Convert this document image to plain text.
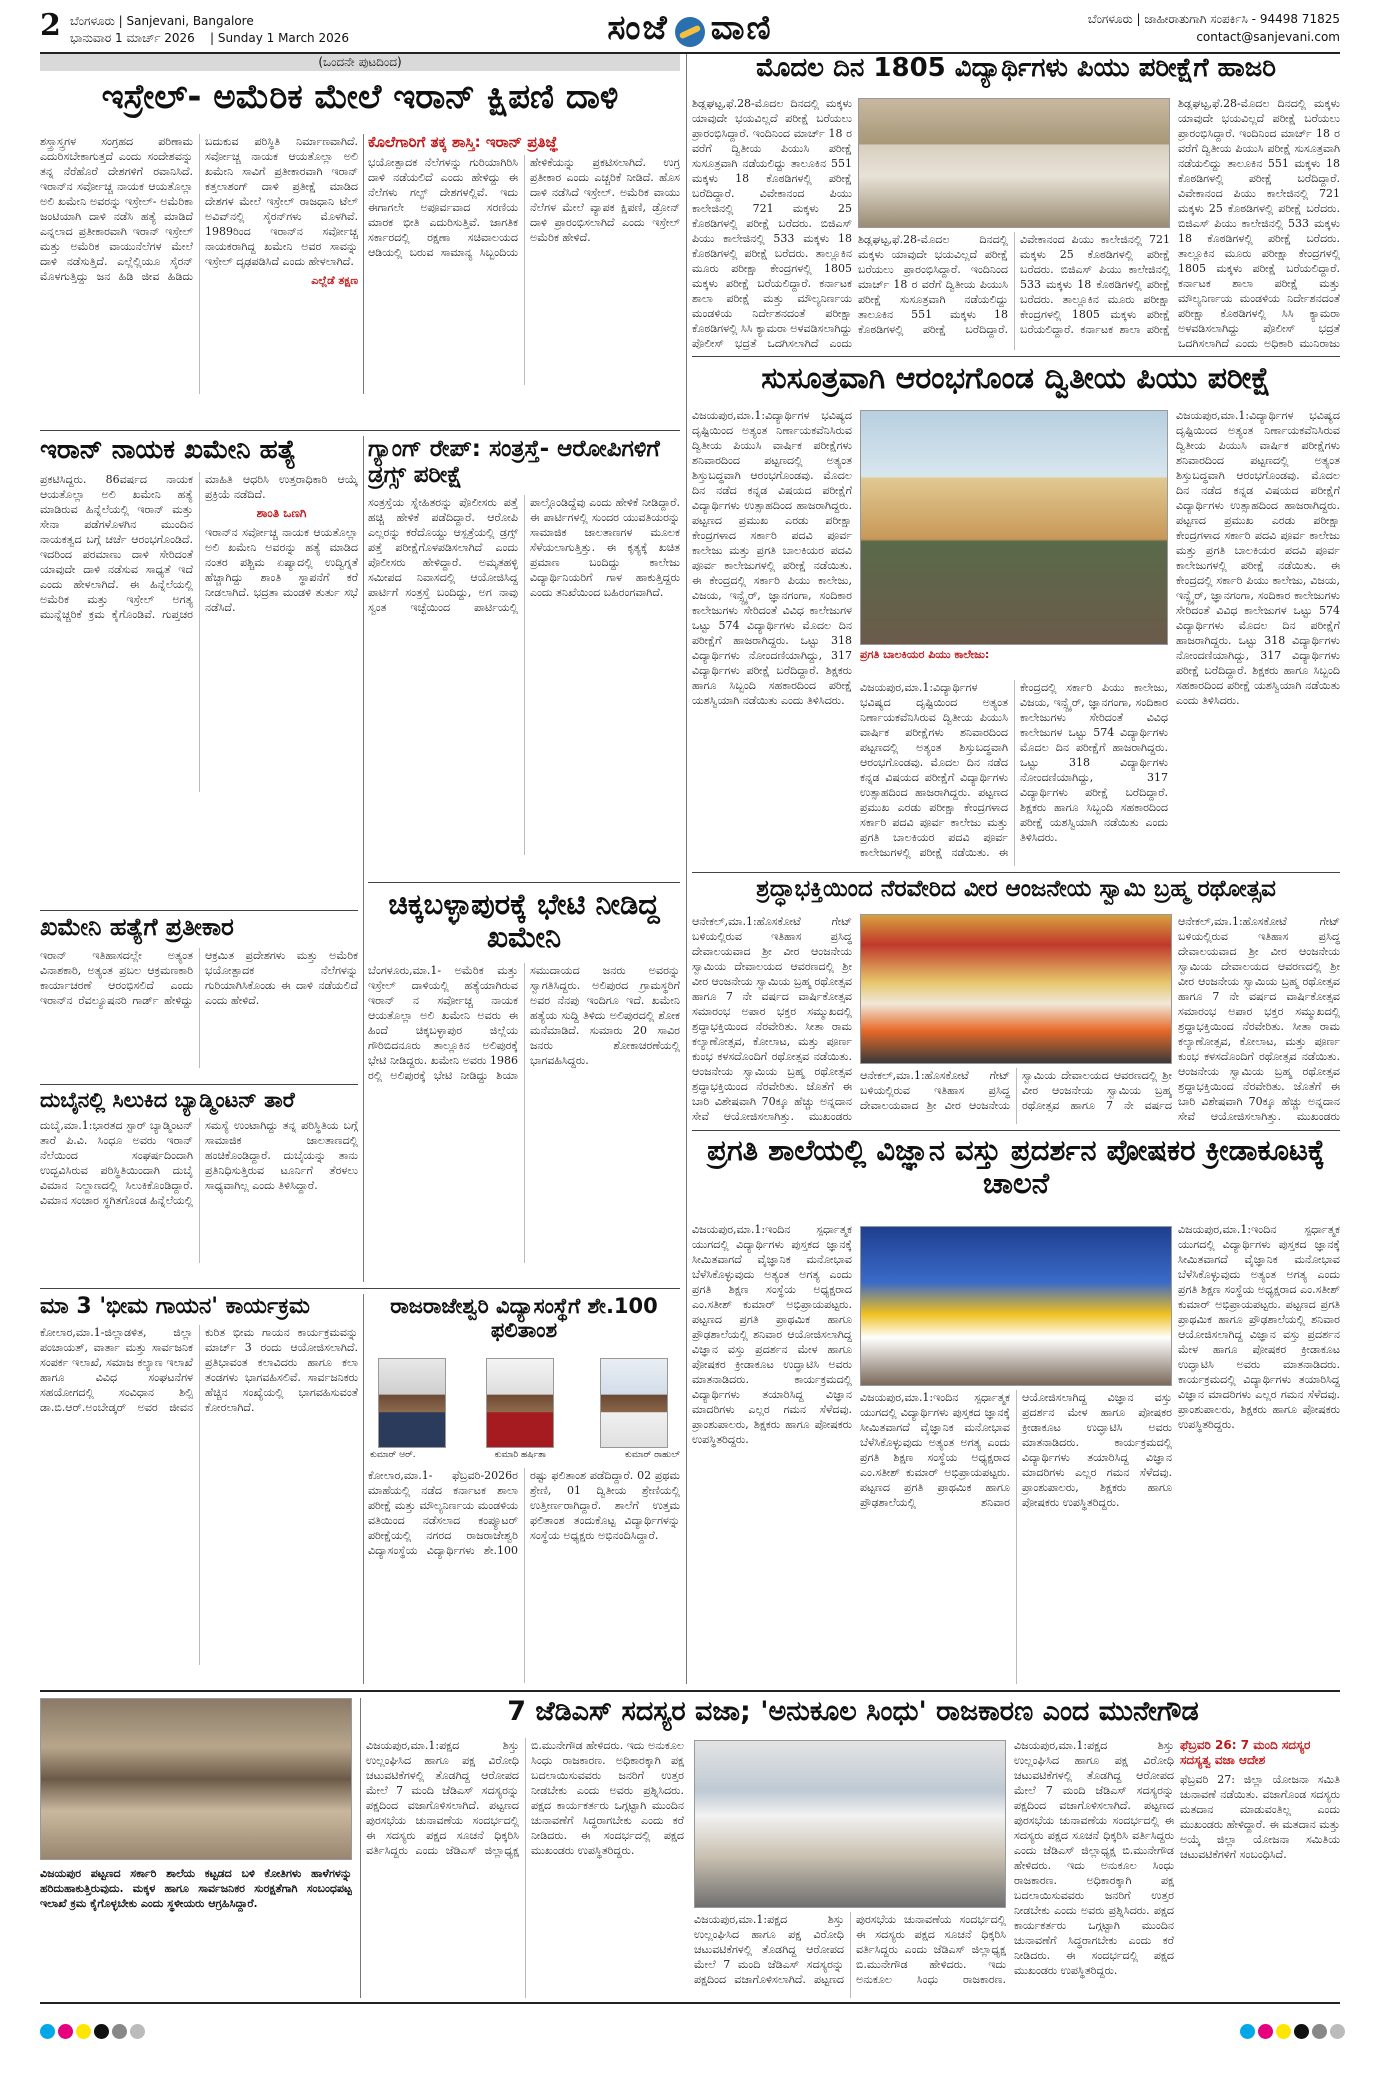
2 ಬೆಂಗಳೂರು | Sanjevani, Bangalore
ಭಾನುವಾರ 1 ಮಾರ್ಚ್ 2026    | Sunday 1 March 2026	ಸಂಜೆ ವಾಣಿ	ಬೆಂಗಳೂರು | ಜಾಹೀರಾತುಗಾಗಿ ಸಂಪರ್ಕಿಸಿ - 94498 71825
contact@sanjevani.com
(ಒಂದನೇ ಪುಟದಿಂದ)
ಇಸ್ರೇಲ್- ಅಮೆರಿಕ ಮೇಲೆ ಇರಾನ್ ಕ್ಷಿಪಣಿ ದಾಳಿ
ಶಸ್ತ್ರಾಸ್ತ್ರಗಳ ಸಂಗ್ರಹದ ಪರಿಣಾಮ ಎದುರಿಸಬೇಕಾಗುತ್ತದೆ ಎಂದು ಸಂದೇಶವನ್ನು ತನ್ನ ನೆರೆಹೊರೆ ದೇಶಗಳಿಗೆ ರವಾನಿಸಿದೆ. ಇರಾನ್‌ನ ಸರ್ವೋಚ್ಚ ನಾಯಕ ಆಯತೊಲ್ಲಾ ಅಲಿ ಖಮೇನಿ ಅವರನ್ನು ಇಸ್ರೇಲ್- ಅಮೆರಿಕಾ ಜಂಟಿಯಾಗಿ ದಾಳಿ ನಡೆಸಿ ಹತ್ಯೆ ಮಾಡಿದೆ ಎನ್ನಲಾದ ಪ್ರತೀಕಾರವಾಗಿ ಇರಾನ್ ಇಸ್ರೇಲ್ ಮತ್ತು ಅಮೆರಿಕ ವಾಯುನೆಲೆಗಳ ಮೇಲೆ ದಾಳಿ ನಡೆಸುತ್ತಿದೆ. ಎಲ್ಲೆಲ್ಲಿಯೂ ಸೈರನ್ ಮೊಳಗುತ್ತಿದ್ದು ಜನ ಹಿಡಿ ಜೀವ ಹಿಡಿದು ಬದುಕುವ ಪರಿಸ್ಥಿತಿ ನಿರ್ಮಾಣವಾಗಿದೆ. ಸರ್ವೋಚ್ಚ ನಾಯಕ ಆಯತೊಲ್ಲಾ ಅಲಿ ಖಮೇನಿ ಸಾವಿಗೆ ಪ್ರತೀಕಾರವಾಗಿ ಇರಾನ್ ಕತ್ತಲಾಶಂಗ್ ದಾಳಿ ಪ್ರತೀಕ್ಷೆ ಮಾಡಿದ ದೇಶಗಳ ಮೇಲೆ ಇಸ್ರೇಲ್ ರಾಜಧಾನಿ ಟೆಲ್ ಅವಿವ್‌ನಲ್ಲಿ ಸೈರನ್‌ಗಳು ಮೊಳಗಿವೆ. 1989ರಿಂದ ಇರಾನ್‌ನ ಸರ್ವೋಚ್ಚ ನಾಯಕರಾಗಿದ್ದ ಖಮೇನಿ ಅವರ ಸಾವನ್ನು ಇಸ್ರೇಲ್ ದೃಢಪಡಿಸಿದೆ ಎಂದು ಹೇಳಲಾಗಿದೆ.
ಎಲ್ಲೆಡೆ ತಕ್ಷಣ
ಕೊಲೆಗಾರಿಗೆ ತಕ್ಕ ಶಾಸ್ತಿ: ಇರಾನ್ ಪ್ರತಿಜ್ಞೆ
ಭಯೋತ್ಪಾದಕ ನೆಲೆಗಳನ್ನು ಗುರಿಯಾಗಿರಿಸಿ ದಾಳಿ ನಡೆಯಲಿದೆ ಎಂದು ಹೇಳಿದ್ದು ಈ ನೆಲೆಗಳು ಗಲ್ಫ್ ದೇಶಗಳಲ್ಲಿವೆ. ಇದು ಈಗಾಗಲೇ ಅಪೂರ್ವವಾದ ಸರಣಿಯ ಮಾರಕ ಭೀತಿ ಎದುರಿಸುತ್ತಿವೆ. ಜಾಗತಿಕ ಸರ್ಕಾರದಲ್ಲಿ ರಕ್ಷಣಾ ಸಚಿವಾಲಯದ ಆಡಿಯಲ್ಲಿ ಬರುವ ಸಾಮಾನ್ಯ ಸಿಬ್ಬಂದಿಯ ಹೇಳಿಕೆಯನ್ನು ಪ್ರಕಟಿಸಲಾಗಿದೆ. ಉಗ್ರ ಪ್ರತೀಕಾರ ಎಂದು ಎಚ್ಚರಿಕೆ ನೀಡಿದೆ. ಹೊಸ ದಾಳಿ ನಡೆಸಿದೆ ಇಸ್ರೇಲ್. ಅಮೆರಿಕ ವಾಯು ನೆಲೆಗಳ ಮೇಲೆ ವ್ಯಾಪಕ ಕ್ಷಿಪಣಿ, ಡ್ರೋನ್ ದಾಳಿ ಪ್ರಾರಂಭಿಸಲಾಗಿದೆ ಎಂದು ಇಸ್ರೇಲ್ ಅಮೆರಿಕ ಹೇಳಿದೆ.
ಇರಾನ್ ನಾಯಕ ಖಮೇನಿ ಹತ್ಯೆ
ಪ್ರಕಟಿಸಿದ್ದರು. 86ವರ್ಷದ ನಾಯಕ ಆಯತೊಲ್ಲಾ ಅಲಿ ಖಮೇನಿ ಹತ್ಯೆ ಮಾಡಿರುವ ಹಿನ್ನೆಲೆಯಲ್ಲಿ ಇರಾನ್ ಮತ್ತು ಸೇನಾ ಪಡೆಗಳೊಳಗಿನ ಮುಂದಿನ ನಾಯಕತ್ವದ ಬಗ್ಗೆ ಚರ್ಚೆ ಆರಂಭಗೊಂಡಿದೆ. ಇದರಿಂದ ಪರಮಾಣು ದಾಳಿ ಸೇರಿದಂತೆ ಯಾವುದೇ ದಾಳಿ ನಡೆಸುವ ಸಾಧ್ಯತೆ ಇದೆ ಎಂದು ಹೇಳಲಾಗಿದೆ. ಈ ಹಿನ್ನೆಲೆಯಲ್ಲಿ ಅಮೆರಿಕ ಮತ್ತು ಇಸ್ರೇಲ್ ಅಗತ್ಯ ಮುನ್ನೆಚ್ಚರಿಕೆ ಕ್ರಮ ಕೈಗೊಂಡಿವೆ. ಗುಪ್ತಚರ ಮಾಹಿತಿ ಆಧರಿಸಿ ಉತ್ತರಾಧಿಕಾರಿ ಆಯ್ಕೆ ಪ್ರಕ್ರಿಯೆ ನಡೆದಿದೆ.
ಶಾಂತಿ ಒಣಗಿ
ಇರಾನ್‌ನ ಸರ್ವೋಚ್ಚ ನಾಯಕ ಆಯತೊಲ್ಲಾ ಅಲಿ ಖಮೇನಿ ಅವರನ್ನು ಹತ್ಯೆ ಮಾಡಿದ ನಂತರ ಪಶ್ಚಿಮ ಏಷ್ಯಾದಲ್ಲಿ ಉದ್ವಿಗ್ನತೆ ಹೆಚ್ಚಾಗಿದ್ದು ಶಾಂತಿ ಸ್ಥಾಪನೆಗೆ ಕರೆ ನೀಡಲಾಗಿದೆ. ಭದ್ರತಾ ಮಂಡಳಿ ತುರ್ತು ಸಭೆ ನಡೆಸಿದೆ.
ಖಮೇನಿ ಹತ್ಯೆಗೆ ಪ್ರತೀಕಾರ
ಇರಾನ್ ಇತಿಹಾಸದಲ್ಲೇ ಅತ್ಯಂತ ವಿನಾಶಕಾರಿ, ಅತ್ಯಂತ ಪ್ರಬಲ ಆಕ್ರಮಣಕಾರಿ ಕಾರ್ಯಾಚರಣೆ ಆರಂಭಿಸಲಿದೆ ಎಂದು ಇರಾನ್‌ನ ರೆವಲ್ಯೂಷನರಿ ಗಾರ್ಡ್ ಹೇಳಿದ್ದು ಆಕ್ರಮಿತ ಪ್ರದೇಶಗಳು ಮತ್ತು ಅಮೆರಿಕ ಭಯೋತ್ಪಾದಕ ನೆಲೆಗಳನ್ನು ಗುರಿಯಾಗಿಸಿಕೊಂಡು ಈ ದಾಳಿ ನಡೆಯಲಿದೆ ಎಂದು ಹೇಳಿದೆ.
ದುಬೈನಲ್ಲಿ ಸಿಲುಕಿದ ಬ್ಯಾಡ್ಮಿಂಟನ್ ತಾರೆ
ದುಬೈ,ಮಾ.1:ಭಾರತದ ಸ್ಟಾರ್ ಬ್ಯಾಡ್ಮಿಂಟನ್ ತಾರೆ ಪಿ.ವಿ. ಸಿಂಧೂ ಅವರು ಇರಾನ್ ನೆಲೆಯಿಂದ ಸಂಘರ್ಷದಿಂದಾಗಿ ಉದ್ಭವಿಸಿರುವ ಪರಿಸ್ಥಿತಿಯಿಂದಾಗಿ ದುಬೈ ವಿಮಾನ ನಿಲ್ದಾಣದಲ್ಲಿ ಸಿಲುಕಿಕೊಂಡಿದ್ದಾರೆ. ವಿಮಾನ ಸಂಚಾರ ಸ್ಥಗಿತಗೊಂಡ ಹಿನ್ನೆಲೆಯಲ್ಲಿ ಸಮಸ್ಯೆ ಉಂಟಾಗಿದ್ದು ತನ್ನ ಪರಿಸ್ಥಿತಿಯ ಬಗ್ಗೆ ಸಾಮಾಜಿಕ ಜಾಲತಾಣದಲ್ಲಿ ಹಂಚಿಕೊಂಡಿದ್ದಾರೆ. ದುಬೈಯನ್ನು ತಾನು ಪ್ರತಿನಿಧಿಸುತ್ತಿರುವ ಟೂರ್ನಿಗೆ ತೆರಳಲು ಸಾಧ್ಯವಾಗಿಲ್ಲ ಎಂದು ತಿಳಿಸಿದ್ದಾರೆ.
ಗ್ಯಾಂಗ್ ರೇಪ್: ಸಂತ್ರಸ್ತೆ- ಆರೋಪಿಗಳಿಗೆ ಡ್ರಗ್ಸ್ ಪರೀಕ್ಷೆ
ಸಂತ್ರಸ್ತೆಯ ಸ್ನೇಹಿತರನ್ನು ಪೊಲೀಸರು ಪತ್ತೆ ಹಚ್ಚಿ ಹೇಳಿಕೆ ಪಡೆದಿದ್ದಾರೆ. ಆರೋಪಿ ಎಲ್ಲರನ್ನು ಕರೆದೊಯ್ದು ಆಸ್ಪತ್ರೆಯಲ್ಲಿ ಡ್ರಗ್ಸ್ ಪತ್ತೆ ಪರೀಕ್ಷೆಗೊಳಪಡಿಸಲಾಗಿದೆ ಎಂದು ಪೊಲೀಸರು ಹೇಳಿದ್ದಾರೆ. ಅಮೃತಹಳ್ಳಿ ಸಮೀಪದ ನಿವಾಸದಲ್ಲಿ ಆಯೋಜಿಸಿದ್ದ ಪಾರ್ಟಿಗೆ ಸಂತ್ರಸ್ತೆ ಬಂದಿದ್ದು, ಅಗ ನಾವು ಸ್ವಂತ ಇಚ್ಛೆಯಿಂದ ಪಾರ್ಟಿಯಲ್ಲಿ ಪಾಲ್ಗೊಂಡಿದ್ದೆವು ಎಂದು ಹೇಳಿಕೆ ನೀಡಿದ್ದಾರೆ. ಈ ಪಾರ್ಟಿಗಳಲ್ಲಿ ಸುಂದರ ಯುವತಿಯರನ್ನು ಸಾಮಾಜಿಕ ಜಾಲತಾಣಗಳ ಮೂಲಕ ಸೆಳೆಯಲಾಗುತ್ತಿತ್ತು. ಈ ಕೃತ್ಯಕ್ಕೆ ಖಚಿತ ಪ್ರಮಾಣ ಬಂದಿದ್ದು ಕಾಲೇಜು ವಿದ್ಯಾರ್ಥಿನಿಯರಿಗೆ ಗಾಳ ಹಾಕುತ್ತಿದ್ದರು ಎಂದು ತನಿಖೆಯಿಂದ ಬಹಿರಂಗವಾಗಿದೆ.
ಚಿಕ್ಕಬಳ್ಳಾಪುರಕ್ಕೆ ಭೇಟಿ ನೀಡಿದ್ದ ಖಮೇನಿ
ಬೆಂಗಳೂರು,ಮಾ.1- ಅಮೆರಿಕ ಮತ್ತು ಇಸ್ರೇಲ್ ದಾಳಿಯಲ್ಲಿ ಹತ್ಯೆಯಾಗಿರುವ ಇರಾನ್ ನ ಸರ್ವೋಚ್ಚ ನಾಯಕ ಆಯತೊಲ್ಲಾ ಅಲಿ ಖಮೇನಿ ಅವರು ಈ ಹಿಂದೆ ಚಿಕ್ಕಬಳ್ಳಾಪುರ ಜಿಲ್ಲೆಯ ಗೌರಿಬಿದನೂರು ತಾಲ್ಲೂಕಿನ ಅಲಿಪುರಕ್ಕೆ ಭೇಟಿ ನೀಡಿದ್ದರು. ಖಮೇನಿ ಅವರು 1986 ರಲ್ಲಿ ಅಲಿಪುರಕ್ಕೆ ಭೇಟಿ ನೀಡಿದ್ದು ಶಿಯಾ ಸಮುದಾಯದ ಜನರು ಅವರನ್ನು ಸ್ವಾಗತಿಸಿದ್ದರು. ಅಲಿಪುರದ ಗ್ರಾಮಸ್ಥರಿಗೆ ಅವರ ನೆನಪು ಇಂದಿಗೂ ಇದೆ. ಖಮೇನಿ ಹತ್ಯೆಯ ಸುದ್ದಿ ತಿಳಿದು ಅಲಿಪುರದಲ್ಲಿ ಶೋಕ ಮನೆಮಾಡಿದೆ. ಸುಮಾರು 20 ಸಾವಿರ ಜನರು ಶೋಕಾಚರಣೆಯಲ್ಲಿ ಭಾಗವಹಿಸಿದ್ದರು.
ಮಾ 3 'ಭೀಮ ಗಾಯನ' ಕಾರ್ಯಕ್ರಮ
ಕೋಲಾರ,ಮಾ.1-ಜಿಲ್ಲಾಡಳಿತ, ಜಿಲ್ಲಾ ಪಂಚಾಯತ್, ವಾರ್ತಾ ಮತ್ತು ಸಾರ್ವಜನಿಕ ಸಂಪರ್ಕ ಇಲಾಖೆ, ಸಮಾಜ ಕಲ್ಯಾಣ ಇಲಾಖೆ ಹಾಗೂ ವಿವಿಧ ಸಂಘಟನೆಗಳ ಸಹಯೋಗದಲ್ಲಿ ಸಂವಿಧಾನ ಶಿಲ್ಪಿ ಡಾ.ಬಿ.ಆರ್.ಅಂಬೇಡ್ಕರ್ ಅವರ ಜೀವನ ಕುರಿತ ಭೀಮ ಗಾಯನ ಕಾರ್ಯಕ್ರಮವನ್ನು ಮಾರ್ಚ್ 3 ರಂದು ಆಯೋಜಿಸಲಾಗಿದೆ. ಪ್ರತಿಭಾವಂತ ಕಲಾವಿದರು ಹಾಗೂ ಕಲಾ ತಂಡಗಳು ಭಾಗವಹಿಸಲಿವೆ. ಸಾರ್ವಜನಿಕರು ಹೆಚ್ಚಿನ ಸಂಖ್ಯೆಯಲ್ಲಿ ಭಾಗವಹಿಸುವಂತೆ ಕೋರಲಾಗಿದೆ.
ರಾಜರಾಜೇಶ್ವರಿ ವಿದ್ಯಾಸಂಸ್ಥೆಗೆ ಶೇ.100 ಫಲಿತಾಂಶ
ಕುಮಾರ್ ಆರ್.	ಕುಮಾರಿ ಹರ್ಷಿತಾ	ಕುಮಾರ್ ರಾಹುಲ್
ಕೋಲಾರ,ಮಾ.1- ಫೆಬ್ರವರಿ-2026ರ ಮಾಹೆಯಲ್ಲಿ ನಡೆದ ಕರ್ನಾಟಕ ಶಾಲಾ ಪರೀಕ್ಷೆ ಮತ್ತು ಮೌಲ್ಯನಿರ್ಣಯ ಮಂಡಳಿಯ ವತಿಯಿಂದ ನಡೆಸಲಾದ ಕಂಪ್ಯೂಟರ್ ಪರೀಕ್ಷೆಯಲ್ಲಿ ನಗರದ ರಾಜರಾಜೇಶ್ವರಿ ವಿದ್ಯಾಸಂಸ್ಥೆಯ ವಿದ್ಯಾರ್ಥಿಗಳು ಶೇ.100 ರಷ್ಟು ಫಲಿತಾಂಶ ಪಡೆದಿದ್ದಾರೆ. 02 ಪ್ರಥಮ ಶ್ರೇಣಿ, 01 ದ್ವಿತೀಯ ಶ್ರೇಣಿಯಲ್ಲಿ ಉತ್ತೀರ್ಣರಾಗಿದ್ದಾರೆ. ಶಾಲೆಗೆ ಉತ್ತಮ ಫಲಿತಾಂಶ ತಂದುಕೊಟ್ಟ ವಿದ್ಯಾರ್ಥಿಗಳನ್ನು ಸಂಸ್ಥೆಯ ಅಧ್ಯಕ್ಷರು ಅಭಿನಂದಿಸಿದ್ದಾರೆ.
ಮೊದಲ ದಿನ 1805 ವಿದ್ಯಾರ್ಥಿಗಳು ಪಿಯು ಪರೀಕ್ಷೆಗೆ ಹಾಜರಿ
ಶಿಡ್ಲಘಟ್ಟ,ಫೆ.28-ಮೊದಲ ದಿನದಲ್ಲಿ ಮಕ್ಕಳು ಯಾವುದೇ ಭಯವಿಲ್ಲದೆ ಪರೀಕ್ಷೆ ಬರೆಯಲು ಪ್ರಾರಂಭಿಸಿದ್ದಾರೆ. ಇಂದಿನಿಂದ ಮಾರ್ಚ್ 18 ರ ವರೆಗೆ ದ್ವಿತೀಯ ಪಿಯುಸಿ ಪರೀಕ್ಷೆ ಸುಸೂತ್ರವಾಗಿ ನಡೆಯಲಿದ್ದು ತಾಲೂಕಿನ 551 ಮಕ್ಕಳು 18 ಕೊಠಡಿಗಳಲ್ಲಿ ಪರೀಕ್ಷೆ ಬರೆದಿದ್ದಾರೆ. ವಿವೇಕಾನಂದ ಪಿಯು ಕಾಲೇಜಿನಲ್ಲಿ 721 ಮಕ್ಕಳು 25 ಕೊಠಡಿಗಳಲ್ಲಿ ಪರೀಕ್ಷೆ ಬರೆದರು. ಬಿಜಿಎಸ್ ಪಿಯು ಕಾಲೇಜಿನಲ್ಲಿ 533 ಮಕ್ಕಳು 18 ಕೊಠಡಿಗಳಲ್ಲಿ ಪರೀಕ್ಷೆ ಬರೆದರು. ತಾಲ್ಲೂಕಿನ ಮೂರು ಪರೀಕ್ಷಾ ಕೇಂದ್ರಗಳಲ್ಲಿ 1805 ಮಕ್ಕಳು ಪರೀಕ್ಷೆ ಬರೆಯಲಿದ್ದಾರೆ. ಕರ್ನಾಟಕ ಶಾಲಾ ಪರೀಕ್ಷೆ ಮತ್ತು ಮೌಲ್ಯನಿರ್ಣಯ ಮಂಡಳಿಯ ನಿರ್ದೇಶನದಂತೆ ಪರೀಕ್ಷಾ ಕೊಠಡಿಗಳಲ್ಲಿ ಸಿಸಿ ಕ್ಯಾಮರಾ ಅಳವಡಿಸಲಾಗಿದ್ದು ಪೊಲೀಸ್ ಭದ್ರತೆ ಒದಗಿಸಲಾಗಿದೆ ಎಂದು
ಶಿಡ್ಲಘಟ್ಟ,ಫೆ.28-ಮೊದಲ ದಿನದಲ್ಲಿ ಮಕ್ಕಳು ಯಾವುದೇ ಭಯವಿಲ್ಲದೆ ಪರೀಕ್ಷೆ ಬರೆಯಲು ಪ್ರಾರಂಭಿಸಿದ್ದಾರೆ. ಇಂದಿನಿಂದ ಮಾರ್ಚ್ 18 ರ ವರೆಗೆ ದ್ವಿತೀಯ ಪಿಯುಸಿ ಪರೀಕ್ಷೆ ಸುಸೂತ್ರವಾಗಿ ನಡೆಯಲಿದ್ದು ತಾಲೂಕಿನ 551 ಮಕ್ಕಳು 18 ಕೊಠಡಿಗಳಲ್ಲಿ ಪರೀಕ್ಷೆ ಬರೆದಿದ್ದಾರೆ. ವಿವೇಕಾನಂದ ಪಿಯು ಕಾಲೇಜಿನಲ್ಲಿ 721 ಮಕ್ಕಳು 25 ಕೊಠಡಿಗಳಲ್ಲಿ ಪರೀಕ್ಷೆ ಬರೆದರು. ಬಿಜಿಎಸ್ ಪಿಯು ಕಾಲೇಜಿನಲ್ಲಿ 533 ಮಕ್ಕಳು 18 ಕೊಠಡಿಗಳಲ್ಲಿ ಪರೀಕ್ಷೆ ಬರೆದರು. ತಾಲ್ಲೂಕಿನ ಮೂರು ಪರೀಕ್ಷಾ ಕೇಂದ್ರಗಳಲ್ಲಿ 1805 ಮಕ್ಕಳು ಪರೀಕ್ಷೆ ಬರೆಯಲಿದ್ದಾರೆ. ಕರ್ನಾಟಕ ಶಾಲಾ ಪರೀಕ್ಷೆ
ಶಿಡ್ಲಘಟ್ಟ,ಫೆ.28-ಮೊದಲ ದಿನದಲ್ಲಿ ಮಕ್ಕಳು ಯಾವುದೇ ಭಯವಿಲ್ಲದೆ ಪರೀಕ್ಷೆ ಬರೆಯಲು ಪ್ರಾರಂಭಿಸಿದ್ದಾರೆ. ಇಂದಿನಿಂದ ಮಾರ್ಚ್ 18 ರ ವರೆಗೆ ದ್ವಿತೀಯ ಪಿಯುಸಿ ಪರೀಕ್ಷೆ ಸುಸೂತ್ರವಾಗಿ ನಡೆಯಲಿದ್ದು ತಾಲೂಕಿನ 551 ಮಕ್ಕಳು 18 ಕೊಠಡಿಗಳಲ್ಲಿ ಪರೀಕ್ಷೆ ಬರೆದಿದ್ದಾರೆ. ವಿವೇಕಾನಂದ ಪಿಯು ಕಾಲೇಜಿನಲ್ಲಿ 721 ಮಕ್ಕಳು 25 ಕೊಠಡಿಗಳಲ್ಲಿ ಪರೀಕ್ಷೆ ಬರೆದರು. ಬಿಜಿಎಸ್ ಪಿಯು ಕಾಲೇಜಿನಲ್ಲಿ 533 ಮಕ್ಕಳು 18 ಕೊಠಡಿಗಳಲ್ಲಿ ಪರೀಕ್ಷೆ ಬರೆದರು. ತಾಲ್ಲೂಕಿನ ಮೂರು ಪರೀಕ್ಷಾ ಕೇಂದ್ರಗಳಲ್ಲಿ 1805 ಮಕ್ಕಳು ಪರೀಕ್ಷೆ ಬರೆಯಲಿದ್ದಾರೆ. ಕರ್ನಾಟಕ ಶಾಲಾ ಪರೀಕ್ಷೆ ಮತ್ತು ಮೌಲ್ಯನಿರ್ಣಯ ಮಂಡಳಿಯ ನಿರ್ದೇಶನದಂತೆ ಪರೀಕ್ಷಾ ಕೊಠಡಿಗಳಲ್ಲಿ ಸಿಸಿ ಕ್ಯಾಮರಾ ಅಳವಡಿಸಲಾಗಿದ್ದು ಪೊಲೀಸ್ ಭದ್ರತೆ ಒದಗಿಸಲಾಗಿದೆ ಎಂದು ಅಧಿಕಾರಿ ಮುನಿರಾಜು
ಸುಸೂತ್ರವಾಗಿ ಆರಂಭಗೊಂಡ ದ್ವಿತೀಯ ಪಿಯು ಪರೀಕ್ಷೆ
ವಿಜಯಪುರ,ಮಾ.1:ವಿದ್ಯಾರ್ಥಿಗಳ ಭವಿಷ್ಯದ ದೃಷ್ಟಿಯಿಂದ ಅತ್ಯಂತ ನಿರ್ಣಾಯಕವೆನಿಸಿರುವ ದ್ವಿತೀಯ ಪಿಯುಸಿ ವಾರ್ಷಿಕ ಪರೀಕ್ಷೆಗಳು ಶನಿವಾರದಿಂದ ಪಟ್ಟಣದಲ್ಲಿ ಅತ್ಯಂತ ಶಿಸ್ತುಬದ್ಧವಾಗಿ ಆರಂಭಗೊಂಡವು. ಮೊದಲ ದಿನ ನಡೆದ ಕನ್ನಡ ವಿಷಯದ ಪರೀಕ್ಷೆಗೆ ವಿದ್ಯಾರ್ಥಿಗಳು ಉತ್ಸಾಹದಿಂದ ಹಾಜರಾಗಿದ್ದರು. ಪಟ್ಟಣದ ಪ್ರಮುಖ ಎರಡು ಪರೀಕ್ಷಾ ಕೇಂದ್ರಗಳಾದ ಸರ್ಕಾರಿ ಪದವಿ ಪೂರ್ವ ಕಾಲೇಜು ಮತ್ತು ಪ್ರಗತಿ ಬಾಲಕಿಯರ ಪದವಿ ಪೂರ್ವ ಕಾಲೇಜುಗಳಲ್ಲಿ ಪರೀಕ್ಷೆ ನಡೆಯಿತು. ಈ ಕೇಂದ್ರದಲ್ಲಿ ಸರ್ಕಾರಿ ಪಿಯು ಕಾಲೇಜು, ವಿಜಯ, ಇನ್ಸ್ಪೈರ್, ಜ್ಞಾನಗಂಗಾ, ಸಂದಿಕಾರ ಕಾಲೇಜುಗಳು ಸೇರಿದಂತೆ ವಿವಿಧ ಕಾಲೇಜುಗಳ ಒಟ್ಟು 574 ವಿದ್ಯಾರ್ಥಿಗಳು ಮೊದಲ ದಿನ ಪರೀಕ್ಷೆಗೆ ಹಾಜರಾಗಿದ್ದರು. ಒಟ್ಟು 318 ವಿದ್ಯಾರ್ಥಿಗಳು ನೋಂದಣಿಯಾಗಿದ್ದು, 317 ವಿದ್ಯಾರ್ಥಿಗಳು ಪರೀಕ್ಷೆ ಬರೆದಿದ್ದಾರೆ. ಶಿಕ್ಷಕರು ಹಾಗೂ ಸಿಬ್ಬಂದಿ ಸಹಕಾರದಿಂದ ಪರೀಕ್ಷೆ ಯಶಸ್ವಿಯಾಗಿ ನಡೆಯಿತು ಎಂದು ತಿಳಿಸಿದರು.
ಪ್ರಗತಿ ಬಾಲಕಿಯರ ಪಿಯು ಕಾಲೇಜು:
ವಿಜಯಪುರ,ಮಾ.1:ವಿದ್ಯಾರ್ಥಿಗಳ ಭವಿಷ್ಯದ ದೃಷ್ಟಿಯಿಂದ ಅತ್ಯಂತ ನಿರ್ಣಾಯಕವೆನಿಸಿರುವ ದ್ವಿತೀಯ ಪಿಯುಸಿ ವಾರ್ಷಿಕ ಪರೀಕ್ಷೆಗಳು ಶನಿವಾರದಿಂದ ಪಟ್ಟಣದಲ್ಲಿ ಅತ್ಯಂತ ಶಿಸ್ತುಬದ್ಧವಾಗಿ ಆರಂಭಗೊಂಡವು. ಮೊದಲ ದಿನ ನಡೆದ ಕನ್ನಡ ವಿಷಯದ ಪರೀಕ್ಷೆಗೆ ವಿದ್ಯಾರ್ಥಿಗಳು ಉತ್ಸಾಹದಿಂದ ಹಾಜರಾಗಿದ್ದರು. ಪಟ್ಟಣದ ಪ್ರಮುಖ ಎರಡು ಪರೀಕ್ಷಾ ಕೇಂದ್ರಗಳಾದ ಸರ್ಕಾರಿ ಪದವಿ ಪೂರ್ವ ಕಾಲೇಜು ಮತ್ತು ಪ್ರಗತಿ ಬಾಲಕಿಯರ ಪದವಿ ಪೂರ್ವ ಕಾಲೇಜುಗಳಲ್ಲಿ ಪರೀಕ್ಷೆ ನಡೆಯಿತು. ಈ ಕೇಂದ್ರದಲ್ಲಿ ಸರ್ಕಾರಿ ಪಿಯು ಕಾಲೇಜು, ವಿಜಯ, ಇನ್ಸ್ಪೈರ್, ಜ್ಞಾನಗಂಗಾ, ಸಂದಿಕಾರ ಕಾಲೇಜುಗಳು ಸೇರಿದಂತೆ ವಿವಿಧ ಕಾಲೇಜುಗಳ ಒಟ್ಟು 574 ವಿದ್ಯಾರ್ಥಿಗಳು ಮೊದಲ ದಿನ ಪರೀಕ್ಷೆಗೆ ಹಾಜರಾಗಿದ್ದರು. ಒಟ್ಟು 318 ವಿದ್ಯಾರ್ಥಿಗಳು ನೋಂದಣಿಯಾಗಿದ್ದು, 317 ವಿದ್ಯಾರ್ಥಿಗಳು ಪರೀಕ್ಷೆ ಬರೆದಿದ್ದಾರೆ. ಶಿಕ್ಷಕರು ಹಾಗೂ ಸಿಬ್ಬಂದಿ ಸಹಕಾರದಿಂದ ಪರೀಕ್ಷೆ ಯಶಸ್ವಿಯಾಗಿ ನಡೆಯಿತು ಎಂದು ತಿಳಿಸಿದರು.
ವಿಜಯಪುರ,ಮಾ.1:ವಿದ್ಯಾರ್ಥಿಗಳ ಭವಿಷ್ಯದ ದೃಷ್ಟಿಯಿಂದ ಅತ್ಯಂತ ನಿರ್ಣಾಯಕವೆನಿಸಿರುವ ದ್ವಿತೀಯ ಪಿಯುಸಿ ವಾರ್ಷಿಕ ಪರೀಕ್ಷೆಗಳು ಶನಿವಾರದಿಂದ ಪಟ್ಟಣದಲ್ಲಿ ಅತ್ಯಂತ ಶಿಸ್ತುಬದ್ಧವಾಗಿ ಆರಂಭಗೊಂಡವು. ಮೊದಲ ದಿನ ನಡೆದ ಕನ್ನಡ ವಿಷಯದ ಪರೀಕ್ಷೆಗೆ ವಿದ್ಯಾರ್ಥಿಗಳು ಉತ್ಸಾಹದಿಂದ ಹಾಜರಾಗಿದ್ದರು. ಪಟ್ಟಣದ ಪ್ರಮುಖ ಎರಡು ಪರೀಕ್ಷಾ ಕೇಂದ್ರಗಳಾದ ಸರ್ಕಾರಿ ಪದವಿ ಪೂರ್ವ ಕಾಲೇಜು ಮತ್ತು ಪ್ರಗತಿ ಬಾಲಕಿಯರ ಪದವಿ ಪೂರ್ವ ಕಾಲೇಜುಗಳಲ್ಲಿ ಪರೀಕ್ಷೆ ನಡೆಯಿತು. ಈ ಕೇಂದ್ರದಲ್ಲಿ ಸರ್ಕಾರಿ ಪಿಯು ಕಾಲೇಜು, ವಿಜಯ, ಇನ್ಸ್ಪೈರ್, ಜ್ಞಾನಗಂಗಾ, ಸಂದಿಕಾರ ಕಾಲೇಜುಗಳು ಸೇರಿದಂತೆ ವಿವಿಧ ಕಾಲೇಜುಗಳ ಒಟ್ಟು 574 ವಿದ್ಯಾರ್ಥಿಗಳು ಮೊದಲ ದಿನ ಪರೀಕ್ಷೆಗೆ ಹಾಜರಾಗಿದ್ದರು. ಒಟ್ಟು 318 ವಿದ್ಯಾರ್ಥಿಗಳು ನೋಂದಣಿಯಾಗಿದ್ದು, 317 ವಿದ್ಯಾರ್ಥಿಗಳು ಪರೀಕ್ಷೆ ಬರೆದಿದ್ದಾರೆ. ಶಿಕ್ಷಕರು ಹಾಗೂ ಸಿಬ್ಬಂದಿ ಸಹಕಾರದಿಂದ ಪರೀಕ್ಷೆ ಯಶಸ್ವಿಯಾಗಿ ನಡೆಯಿತು ಎಂದು ತಿಳಿಸಿದರು.
ಶ್ರದ್ಧಾಭಕ್ತಿಯಿಂದ ನೆರವೇರಿದ ವೀರ ಆಂಜನೇಯ ಸ್ವಾಮಿ ಬ್ರಹ್ಮ ರಥೋತ್ಸವ
ಆನೇಕಲ್,ಮಾ.1:ಹೊಸಕೋಟೆ ಗೇಟ್ ಬಳಿಯಲ್ಲಿರುವ ಇತಿಹಾಸ ಪ್ರಸಿದ್ಧ ದೇವಾಲಯವಾದ ಶ್ರೀ ವೀರ ಆಂಜನೇಯ ಸ್ವಾಮಿಯ ದೇವಾಲಯದ ಆವರಣದಲ್ಲಿ ಶ್ರೀ ವೀರ ಆಂಜನೇಯ ಸ್ವಾಮಿಯ ಬ್ರಹ್ಮ ರಥೋತ್ಸವ ಹಾಗೂ 7 ನೇ ವರ್ಷದ ವಾರ್ಷಿಕೋತ್ಸವ ಸಮಾರಂಭ ಅಪಾರ ಭಕ್ತರ ಸಮ್ಮುಖದಲ್ಲಿ ಶ್ರದ್ಧಾಭಕ್ತಿಯಿಂದ ನೆರವೇರಿತು. ಸೀತಾ ರಾಮ ಕಲ್ಯಾಣೋತ್ಸವ, ಕೋಲಾಟ, ಮತ್ತು ಪೂರ್ಣ ಕುಂಭ ಕಳಸದೊಂದಿಗೆ ರಥೋತ್ಸವ ನಡೆಯಿತು. ಆಂಜನೇಯ ಸ್ವಾಮಿಯ ಬ್ರಹ್ಮ ರಥೋತ್ಸವ ಶ್ರದ್ಧಾಭಕ್ತಿಯಿಂದ ನೆರವೇರಿತು. ಜೊತೆಗೆ ಈ ಬಾರಿ ವಿಶೇಷವಾಗಿ 70ಕ್ಕೂ ಹೆಚ್ಚು ಅನ್ನದಾನ ಸೇವೆ ಆಯೋಜಿಸಲಾಗಿತ್ತು. ಮುಖಂಡರು
ಆನೇಕಲ್,ಮಾ.1:ಹೊಸಕೋಟೆ ಗೇಟ್ ಬಳಿಯಲ್ಲಿರುವ ಇತಿಹಾಸ ಪ್ರಸಿದ್ಧ ದೇವಾಲಯವಾದ ಶ್ರೀ ವೀರ ಆಂಜನೇಯ ಸ್ವಾಮಿಯ ದೇವಾಲಯದ ಆವರಣದಲ್ಲಿ ಶ್ರೀ ವೀರ ಆಂಜನೇಯ ಸ್ವಾಮಿಯ ಬ್ರಹ್ಮ ರಥೋತ್ಸವ ಹಾಗೂ 7 ನೇ ವರ್ಷದ
ಆನೇಕಲ್,ಮಾ.1:ಹೊಸಕೋಟೆ ಗೇಟ್ ಬಳಿಯಲ್ಲಿರುವ ಇತಿಹಾಸ ಪ್ರಸಿದ್ಧ ದೇವಾಲಯವಾದ ಶ್ರೀ ವೀರ ಆಂಜನೇಯ ಸ್ವಾಮಿಯ ದೇವಾಲಯದ ಆವರಣದಲ್ಲಿ ಶ್ರೀ ವೀರ ಆಂಜನೇಯ ಸ್ವಾಮಿಯ ಬ್ರಹ್ಮ ರಥೋತ್ಸವ ಹಾಗೂ 7 ನೇ ವರ್ಷದ ವಾರ್ಷಿಕೋತ್ಸವ ಸಮಾರಂಭ ಅಪಾರ ಭಕ್ತರ ಸಮ್ಮುಖದಲ್ಲಿ ಶ್ರದ್ಧಾಭಕ್ತಿಯಿಂದ ನೆರವೇರಿತು. ಸೀತಾ ರಾಮ ಕಲ್ಯಾಣೋತ್ಸವ, ಕೋಲಾಟ, ಮತ್ತು ಪೂರ್ಣ ಕುಂಭ ಕಳಸದೊಂದಿಗೆ ರಥೋತ್ಸವ ನಡೆಯಿತು. ಆಂಜನೇಯ ಸ್ವಾಮಿಯ ಬ್ರಹ್ಮ ರಥೋತ್ಸವ ಶ್ರದ್ಧಾಭಕ್ತಿಯಿಂದ ನೆರವೇರಿತು. ಜೊತೆಗೆ ಈ ಬಾರಿ ವಿಶೇಷವಾಗಿ 70ಕ್ಕೂ ಹೆಚ್ಚು ಅನ್ನದಾನ ಸೇವೆ ಆಯೋಜಿಸಲಾಗಿತ್ತು. ಮುಖಂಡರು
ಪ್ರಗತಿ ಶಾಲೆಯಲ್ಲಿ ವಿಜ್ಞಾನ ವಸ್ತು ಪ್ರದರ್ಶನ ಪೋಷಕರ ಕ್ರೀಡಾಕೂಟಕ್ಕೆ ಚಾಲನೆ
ವಿಜಯಪುರ,ಮಾ.1:ಇಂದಿನ ಸ್ಪರ್ಧಾತ್ಮಕ ಯುಗದಲ್ಲಿ ವಿದ್ಯಾರ್ಥಿಗಳು ಪುಸ್ತಕದ ಜ್ಞಾನಕ್ಕೆ ಸೀಮಿತವಾಗದೆ ವೈಜ್ಞಾನಿಕ ಮನೋಭಾವ ಬೆಳೆಸಿಕೊಳ್ಳುವುದು ಅತ್ಯಂತ ಅಗತ್ಯ ಎಂದು ಪ್ರಗತಿ ಶಿಕ್ಷಣ ಸಂಸ್ಥೆಯ ಅಧ್ಯಕ್ಷರಾದ ಎಂ.ಸತೀಶ್ ಕುಮಾರ್ ಅಭಿಪ್ರಾಯಪಟ್ಟರು. ಪಟ್ಟಣದ ಪ್ರಗತಿ ಪ್ರಾಥಮಿಕ ಹಾಗೂ ಪ್ರೌಢಶಾಲೆಯಲ್ಲಿ ಶನಿವಾರ ಆಯೋಜಿಸಲಾಗಿದ್ದ ವಿಜ್ಞಾನ ವಸ್ತು ಪ್ರದರ್ಶನ ಮೇಳ ಹಾಗೂ ಪೋಷಕರ ಕ್ರೀಡಾಕೂಟ ಉದ್ಘಾಟಿಸಿ ಅವರು ಮಾತನಾಡಿದರು. ಕಾರ್ಯಕ್ರಮದಲ್ಲಿ ವಿದ್ಯಾರ್ಥಿಗಳು ತಯಾರಿಸಿದ್ದ ವಿಜ್ಞಾನ ಮಾದರಿಗಳು ಎಲ್ಲರ ಗಮನ ಸೆಳೆದವು. ಪ್ರಾಂಶುಪಾಲರು, ಶಿಕ್ಷಕರು ಹಾಗೂ ಪೋಷಕರು ಉಪಸ್ಥಿತರಿದ್ದರು.
ವಿಜಯಪುರ,ಮಾ.1:ಇಂದಿನ ಸ್ಪರ್ಧಾತ್ಮಕ ಯುಗದಲ್ಲಿ ವಿದ್ಯಾರ್ಥಿಗಳು ಪುಸ್ತಕದ ಜ್ಞಾನಕ್ಕೆ ಸೀಮಿತವಾಗದೆ ವೈಜ್ಞಾನಿಕ ಮನೋಭಾವ ಬೆಳೆಸಿಕೊಳ್ಳುವುದು ಅತ್ಯಂತ ಅಗತ್ಯ ಎಂದು ಪ್ರಗತಿ ಶಿಕ್ಷಣ ಸಂಸ್ಥೆಯ ಅಧ್ಯಕ್ಷರಾದ ಎಂ.ಸತೀಶ್ ಕುಮಾರ್ ಅಭಿಪ್ರಾಯಪಟ್ಟರು. ಪಟ್ಟಣದ ಪ್ರಗತಿ ಪ್ರಾಥಮಿಕ ಹಾಗೂ ಪ್ರೌಢಶಾಲೆಯಲ್ಲಿ ಶನಿವಾರ ಆಯೋಜಿಸಲಾಗಿದ್ದ ವಿಜ್ಞಾನ ವಸ್ತು ಪ್ರದರ್ಶನ ಮೇಳ ಹಾಗೂ ಪೋಷಕರ ಕ್ರೀಡಾಕೂಟ ಉದ್ಘಾಟಿಸಿ ಅವರು ಮಾತನಾಡಿದರು. ಕಾರ್ಯಕ್ರಮದಲ್ಲಿ ವಿದ್ಯಾರ್ಥಿಗಳು ತಯಾರಿಸಿದ್ದ ವಿಜ್ಞಾನ ಮಾದರಿಗಳು ಎಲ್ಲರ ಗಮನ ಸೆಳೆದವು. ಪ್ರಾಂಶುಪಾಲರು, ಶಿಕ್ಷಕರು ಹಾಗೂ ಪೋಷಕರು ಉಪಸ್ಥಿತರಿದ್ದರು.
ವಿಜಯಪುರ,ಮಾ.1:ಇಂದಿನ ಸ್ಪರ್ಧಾತ್ಮಕ ಯುಗದಲ್ಲಿ ವಿದ್ಯಾರ್ಥಿಗಳು ಪುಸ್ತಕದ ಜ್ಞಾನಕ್ಕೆ ಸೀಮಿತವಾಗದೆ ವೈಜ್ಞಾನಿಕ ಮನೋಭಾವ ಬೆಳೆಸಿಕೊಳ್ಳುವುದು ಅತ್ಯಂತ ಅಗತ್ಯ ಎಂದು ಪ್ರಗತಿ ಶಿಕ್ಷಣ ಸಂಸ್ಥೆಯ ಅಧ್ಯಕ್ಷರಾದ ಎಂ.ಸತೀಶ್ ಕುಮಾರ್ ಅಭಿಪ್ರಾಯಪಟ್ಟರು. ಪಟ್ಟಣದ ಪ್ರಗತಿ ಪ್ರಾಥಮಿಕ ಹಾಗೂ ಪ್ರೌಢಶಾಲೆಯಲ್ಲಿ ಶನಿವಾರ ಆಯೋಜಿಸಲಾಗಿದ್ದ ವಿಜ್ಞಾನ ವಸ್ತು ಪ್ರದರ್ಶನ ಮೇಳ ಹಾಗೂ ಪೋಷಕರ ಕ್ರೀಡಾಕೂಟ ಉದ್ಘಾಟಿಸಿ ಅವರು ಮಾತನಾಡಿದರು. ಕಾರ್ಯಕ್ರಮದಲ್ಲಿ ವಿದ್ಯಾರ್ಥಿಗಳು ತಯಾರಿಸಿದ್ದ ವಿಜ್ಞಾನ ಮಾದರಿಗಳು ಎಲ್ಲರ ಗಮನ ಸೆಳೆದವು. ಪ್ರಾಂಶುಪಾಲರು, ಶಿಕ್ಷಕರು ಹಾಗೂ ಪೋಷಕರು ಉಪಸ್ಥಿತರಿದ್ದರು.
ವಿಜಯಪುರ ಪಟ್ಟಣದ ಸರ್ಕಾರಿ ಶಾಲೆಯ ಕಟ್ಟಡದ ಬಳಿ ಕೋತಿಗಳು ಹಾಳೆಗಳನ್ನು ಹರಿದುಹಾಕುತ್ತಿರುವುದು. ಮಕ್ಕಳ ಹಾಗೂ ಸಾರ್ವಜನಿಕರ ಸುರಕ್ಷತೆಗಾಗಿ ಸಂಬಂಧಪಟ್ಟ ಇಲಾಖೆ ಕ್ರಮ ಕೈಗೊಳ್ಳಬೇಕು ಎಂದು ಸ್ಥಳೀಯರು ಆಗ್ರಹಿಸಿದ್ದಾರೆ.
7 ಜೆಡಿಎಸ್ ಸದಸ್ಯರ ವಜಾ; 'ಅನುಕೂಲ ಸಿಂಧು' ರಾಜಕಾರಣ ಎಂದ ಮುನೇಗೌಡ
ವಿಜಯಪುರ,ಮಾ.1:ಪಕ್ಷದ ಶಿಸ್ತು ಉಲ್ಲಂಘಿಸಿದ ಹಾಗೂ ಪಕ್ಷ ವಿರೋಧಿ ಚಟುವಟಿಕೆಗಳಲ್ಲಿ ತೊಡಗಿದ್ದ ಆರೋಪದ ಮೇಲೆ 7 ಮಂದಿ ಜೆಡಿಎಸ್ ಸದಸ್ಯರನ್ನು ಪಕ್ಷದಿಂದ ವಜಾಗೊಳಿಸಲಾಗಿದೆ. ಪಟ್ಟಣದ ಪುರಸಭೆಯ ಚುನಾವಣೆಯ ಸಂದರ್ಭದಲ್ಲಿ ಈ ಸದಸ್ಯರು ಪಕ್ಷದ ಸೂಚನೆ ಧಿಕ್ಕರಿಸಿ ವರ್ತಿಸಿದ್ದರು ಎಂದು ಜೆಡಿಎಸ್ ಜಿಲ್ಲಾಧ್ಯಕ್ಷ ಬಿ.ಮುನೇಗೌಡ ಹೇಳಿದರು. ಇದು ಅನುಕೂಲ ಸಿಂಧು ರಾಜಕಾರಣ. ಅಧಿಕಾರಕ್ಕಾಗಿ ಪಕ್ಷ ಬದಲಾಯಿಸುವವರು ಜನರಿಗೆ ಉತ್ತರ ನೀಡಬೇಕು ಎಂದು ಅವರು ಪ್ರಶ್ನಿಸಿದರು. ಪಕ್ಷದ ಕಾರ್ಯಕರ್ತರು ಒಗ್ಗಟ್ಟಾಗಿ ಮುಂದಿನ ಚುನಾವಣೆಗೆ ಸಿದ್ಧರಾಗಬೇಕು ಎಂದು ಕರೆ ನೀಡಿದರು. ಈ ಸಂದರ್ಭದಲ್ಲಿ ಪಕ್ಷದ ಮುಖಂಡರು ಉಪಸ್ಥಿತರಿದ್ದರು.
ವಿಜಯಪುರ,ಮಾ.1:ಪಕ್ಷದ ಶಿಸ್ತು ಉಲ್ಲಂಘಿಸಿದ ಹಾಗೂ ಪಕ್ಷ ವಿರೋಧಿ ಚಟುವಟಿಕೆಗಳಲ್ಲಿ ತೊಡಗಿದ್ದ ಆರೋಪದ ಮೇಲೆ 7 ಮಂದಿ ಜೆಡಿಎಸ್ ಸದಸ್ಯರನ್ನು ಪಕ್ಷದಿಂದ ವಜಾಗೊಳಿಸಲಾಗಿದೆ. ಪಟ್ಟಣದ ಪುರಸಭೆಯ ಚುನಾವಣೆಯ ಸಂದರ್ಭದಲ್ಲಿ ಈ ಸದಸ್ಯರು ಪಕ್ಷದ ಸೂಚನೆ ಧಿಕ್ಕರಿಸಿ ವರ್ತಿಸಿದ್ದರು ಎಂದು ಜೆಡಿಎಸ್ ಜಿಲ್ಲಾಧ್ಯಕ್ಷ ಬಿ.ಮುನೇಗೌಡ ಹೇಳಿದರು. ಇದು ಅನುಕೂಲ ಸಿಂಧು ರಾಜಕಾರಣ.
ವಿಜಯಪುರ,ಮಾ.1:ಪಕ್ಷದ ಶಿಸ್ತು ಉಲ್ಲಂಘಿಸಿದ ಹಾಗೂ ಪಕ್ಷ ವಿರೋಧಿ ಚಟುವಟಿಕೆಗಳಲ್ಲಿ ತೊಡಗಿದ್ದ ಆರೋಪದ ಮೇಲೆ 7 ಮಂದಿ ಜೆಡಿಎಸ್ ಸದಸ್ಯರನ್ನು ಪಕ್ಷದಿಂದ ವಜಾಗೊಳಿಸಲಾಗಿದೆ. ಪಟ್ಟಣದ ಪುರಸಭೆಯ ಚುನಾವಣೆಯ ಸಂದರ್ಭದಲ್ಲಿ ಈ ಸದಸ್ಯರು ಪಕ್ಷದ ಸೂಚನೆ ಧಿಕ್ಕರಿಸಿ ವರ್ತಿಸಿದ್ದರು ಎಂದು ಜೆಡಿಎಸ್ ಜಿಲ್ಲಾಧ್ಯಕ್ಷ ಬಿ.ಮುನೇಗೌಡ ಹೇಳಿದರು. ಇದು ಅನುಕೂಲ ಸಿಂಧು ರಾಜಕಾರಣ. ಅಧಿಕಾರಕ್ಕಾಗಿ ಪಕ್ಷ ಬದಲಾಯಿಸುವವರು ಜನರಿಗೆ ಉತ್ತರ ನೀಡಬೇಕು ಎಂದು ಅವರು ಪ್ರಶ್ನಿಸಿದರು. ಪಕ್ಷದ ಕಾರ್ಯಕರ್ತರು ಒಗ್ಗಟ್ಟಾಗಿ ಮುಂದಿನ ಚುನಾವಣೆಗೆ ಸಿದ್ಧರಾಗಬೇಕು ಎಂದು ಕರೆ ನೀಡಿದರು. ಈ ಸಂದರ್ಭದಲ್ಲಿ ಪಕ್ಷದ ಮುಖಂಡರು ಉಪಸ್ಥಿತರಿದ್ದರು.
ಫೆಬ್ರವರಿ 26: 7 ಮಂದಿ ಸದಸ್ಯರ ಸದಸ್ಯತ್ವ ವಜಾ ಆದೇಶ
ಫೆಬ್ರವರಿ 27: ಜಿಲ್ಲಾ ಯೋಜನಾ ಸಮಿತಿ ಚುನಾವಣೆ ನಡೆಯಿತು. ವಜಾಗೊಂಡ ಸದಸ್ಯರು ಮತದಾನ ಮಾಡುವಂತಿಲ್ಲ ಎಂದು ಮುಖಂಡರು ಹೇಳಿದ್ದಾರೆ. ಈ ಮತದಾನ ಮತ್ತು ಅಯ್ಕೆ ಜಿಲ್ಲಾ ಯೋಜನಾ ಸಮಿತಿಯ ಚಟುವಟಿಕೆಗಳಿಗೆ ಸಂಬಂಧಿಸಿದೆ.
